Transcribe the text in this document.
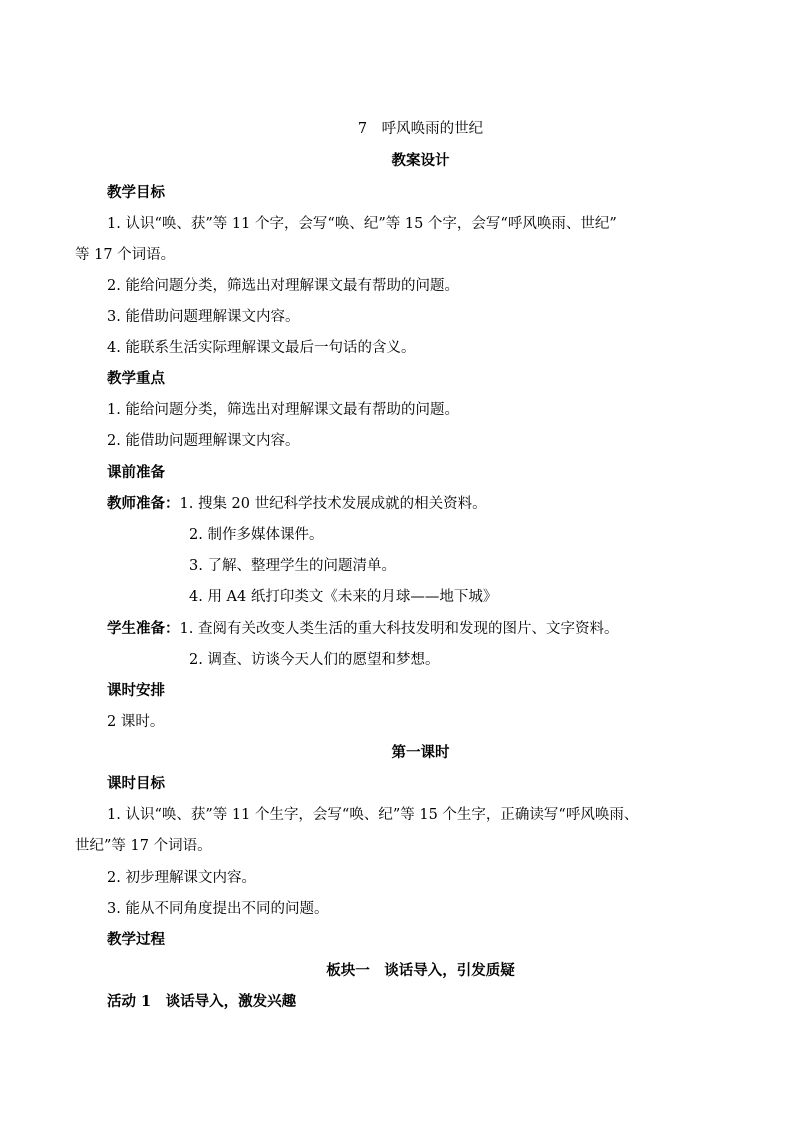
7　呼风唤雨的世纪
教案设计
教学目标
1. 认识“唤、获”等 11 个字，会写“唤、纪”等 15 个字，会写“呼风唤雨、世纪”
等 17 个词语。
2. 能给问题分类，筛选出对理解课文最有帮助的问题。
3. 能借助问题理解课文内容。
4. 能联系生活实际理解课文最后一句话的含义。
教学重点
1. 能给问题分类，筛选出对理解课文最有帮助的问题。
2. 能借助问题理解课文内容。
课前准备
教师准备：1. 搜集 20 世纪科学技术发展成就的相关资料。
2. 制作多媒体课件。
3. 了解、整理学生的问题清单。
4. 用 A4 纸打印类文《未来的月球——地下城》
学生准备：1. 查阅有关改变人类生活的重大科技发明和发现的图片、文字资料。
2. 调查、访谈今天人们的愿望和梦想。
课时安排
2 课时。
第一课时
课时目标
1. 认识“唤、获”等 11 个生字，会写“唤、纪”等 15 个生字，正确读写“呼风唤雨、
世纪”等 17 个词语。
2. 初步理解课文内容。
3. 能从不同角度提出不同的问题。
教学过程
板块一　谈话导入，引发质疑
活动 1　谈话导入，激发兴趣
